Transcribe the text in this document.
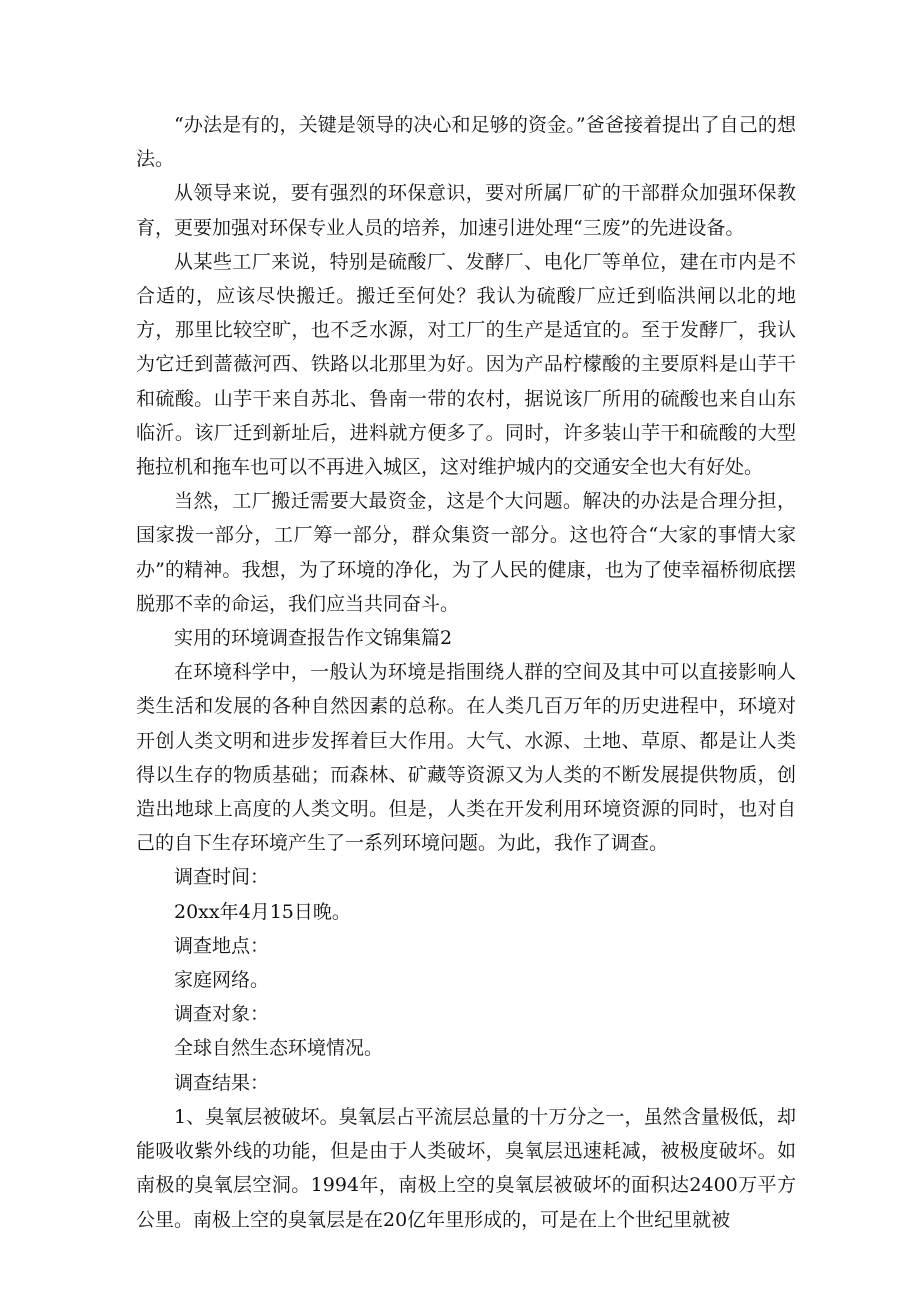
“办法是有的，关键是领导的决心和足够的资金。”爸爸接着提出了自己的想法。

从领导来说，要有强烈的环保意识，要对所属厂矿的干部群众加强环保教育，更要加强对环保专业人员的培养，加速引进处理“三废”的先进设备。

从某些工厂来说，特别是硫酸厂、发酵厂、电化厂等单位，建在市内是不合适的，应该尽快搬迁。搬迁至何处？我认为硫酸厂应迁到临洪闸以北的地方，那里比较空旷，也不乏水源，对工厂的生产是适宜的。至于发酵厂，我认为它迁到蔷薇河西、铁路以北那里为好。因为产品柠檬酸的主要原料是山芋干和硫酸。山芋干来自苏北、鲁南一带的农村，据说该厂所用的硫酸也来自山东临沂。该厂迁到新址后，进料就方便多了。同时，许多装山芋干和硫酸的大型拖拉机和拖车也可以不再进入城区，这对维护城内的交通安全也大有好处。

当然，工厂搬迁需要大最资金，这是个大问题。解决的办法是合理分担，国家拨一部分，工厂筹一部分，群众集资一部分。这也符合“大家的事情大家办”的精神。我想，为了环境的净化，为了人民的健康，也为了使幸福桥彻底摆脱那不幸的命运，我们应当共同奋斗。

实用的环境调查报告作文锦集篇2

在环境科学中，一般认为环境是指围绕人群的空间及其中可以直接影响人类生活和发展的各种自然因素的总称。在人类几百万年的历史进程中，环境对开创人类文明和进步发挥着巨大作用。大气、水源、土地、草原、都是让人类得以生存的物质基础；而森林、矿藏等资源又为人类的不断发展提供物质，创造出地球上高度的人类文明。但是，人类在开发利用环境资源的同时，也对自己的自下生存环境产生了一系列环境问题。为此，我作了调查。

调查时间：

20xx年4月15日晚。

调查地点：

家庭网络。

调查对象：

全球自然生态环境情况。

调查结果：

1、臭氧层被破坏。臭氧层占平流层总量的十万分之一，虽然含量极低，却能吸收紫外线的功能，但是由于人类破坏，臭氧层迅速耗减，被极度破坏。如南极的臭氧层空洞。1994年，南极上空的臭氧层被破坏的面积达2400万平方公里。南极上空的臭氧层是在20亿年里形成的，可是在上个世纪里就被
